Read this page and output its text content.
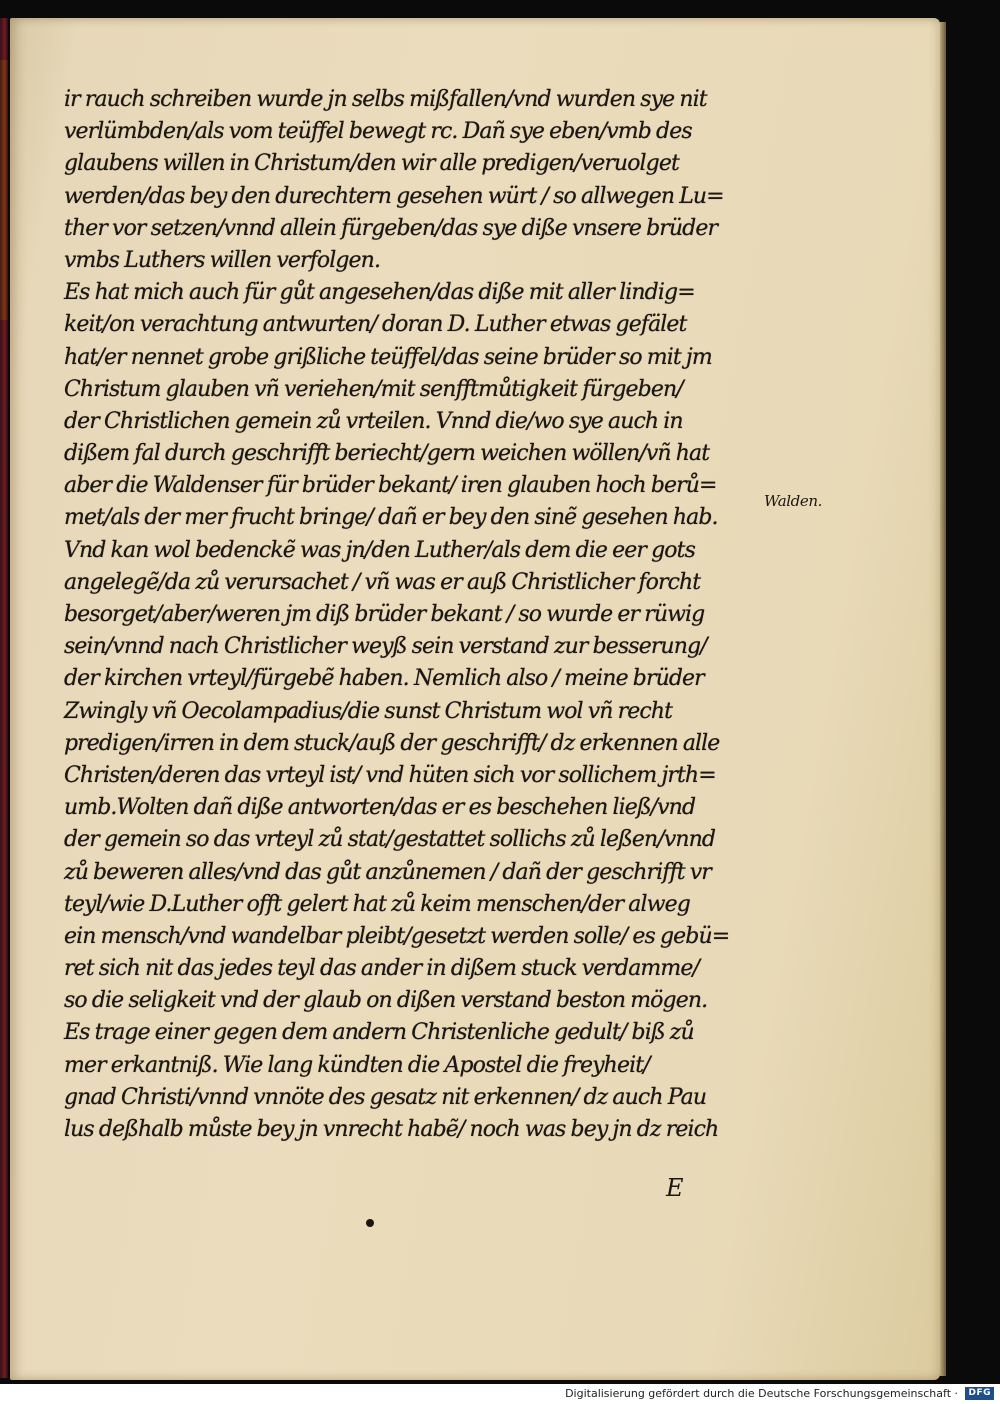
ir rauch schreiben wurde jn selbs mißfallen/vnd wurden sye nit
verlümbden/als vom teüffel bewegt rc. Dañ sye eben/vmb des
glaubens willen in Christum/den wir alle predigen/veruolget
werden/das bey den durechtern gesehen würt / so allwegen Lu=
ther vor setzen/vnnd allein fürgeben/das sye diße vnsere brüder
vmbs Luthers willen verfolgen.
Es hat mich auch für gůt angesehen/das diße mit aller lindig=
keit/on verachtung antwurten/ doran D. Luther etwas gefälet
hat/er nennet grobe grißliche teüffel/das seine brüder so mit jm
Christum glauben vñ veriehen/mit senfftmůtigkeit fürgeben/
der Christlichen gemein zů vrteilen. Vnnd die/wo sye auch in
dißem fal durch geschrifft beriecht/gern weichen wöllen/vñ hat
aber die Waldenser für brüder bekant/ iren glauben hoch berů=
met/als der mer frucht bringe/ dañ er bey den sinẽ gesehen hab.
Vnd kan wol bedenckẽ was jn/den Luther/als dem die eer gots
angelegẽ/da zů verursachet / vñ was er auß Christlicher forcht
besorget/aber/weren jm diß brüder bekant / so wurde er rüwig
sein/vnnd nach Christlicher weyß sein verstand zur besserung/
der kirchen vrteyl/fürgebẽ haben. Nemlich also / meine brüder
Zwingly vñ Oecolampadius/die sunst Christum wol vñ recht
predigen/irren in dem stuck/auß der geschrifft/ dz erkennen alle
Christen/deren das vrteyl ist/ vnd hüten sich vor sollichem jrth=
umb.Wolten dañ diße antworten/das er es beschehen ließ/vnd
der gemein so das vrteyl zů stat/gestattet sollichs zů leßen/vnnd
zů beweren alles/vnd das gůt anzůnemen / dañ der geschrifft vr
teyl/wie D.Luther offt gelert hat zů keim menschen/der alweg
ein mensch/vnd wandelbar pleibt/gesetzt werden solle/ es gebü=
ret sich nit das jedes teyl das ander in dißem stuck verdamme/
so die seligkeit vnd der glaub on dißen verstand beston mögen.
Es trage einer gegen dem andern Christenliche gedult/ biß zů
mer erkantniß. Wie lang kündten die Apostel die freyheit/
gnad Christi/vnnd vnnöte des gesatz nit erkennen/ dz auch Pau
lus deßhalb můste bey jn vnrecht habẽ/ noch was bey jn dz reich
Walden.
E
Digitalisierung gefördert durch die Deutsche Forschungsgemeinschaft ·	DFG
